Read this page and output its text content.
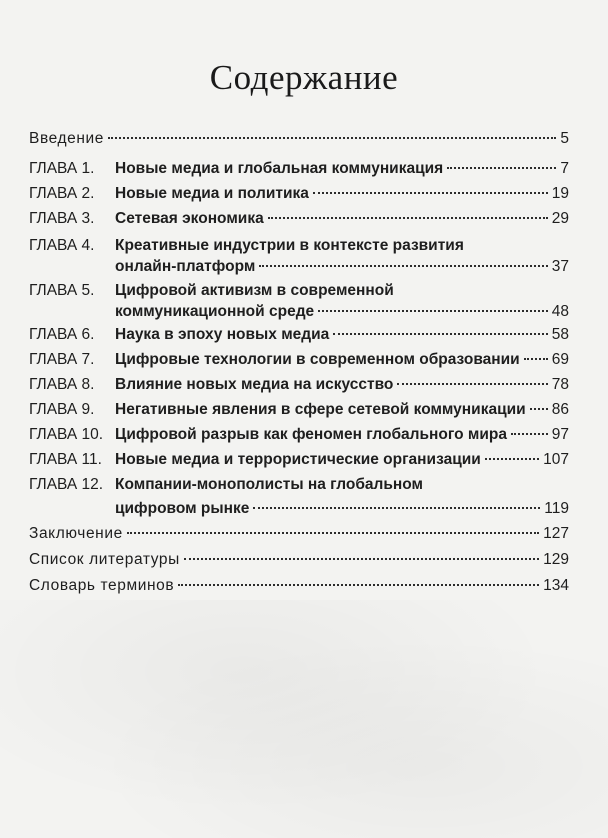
Содержание
Введение	5
ГЛАВА 1.	Новые медиа и глобальная коммуникация	7
ГЛАВА 2.	Новые медиа и политика	19
ГЛАВА 3.	Сетевая экономика	29
ГЛАВА 4.	Креативные индустрии в контексте развития
онлайн-платформ	37
ГЛАВА 5.	Цифровой активизм в современной
коммуникационной среде	48
ГЛАВА 6.	Наука в эпоху новых медиа	58
ГЛАВА 7.	Цифровые технологии в современном образовании 69
ГЛАВА 8.	Влияние новых медиа на искусство	78
ГЛАВА 9.	Негативные явления в сфере сетевой коммуникации 86
ГЛАВА 10. Цифровой разрыв как феномен глобального мира	97
ГЛАВА 11. Новые медиа и террористические организации	107
ГЛАВА 12. Компании-монополисты на глобальном
цифровом рынке	119
Заключение	127
Список литературы	129
Словарь терминов	134
